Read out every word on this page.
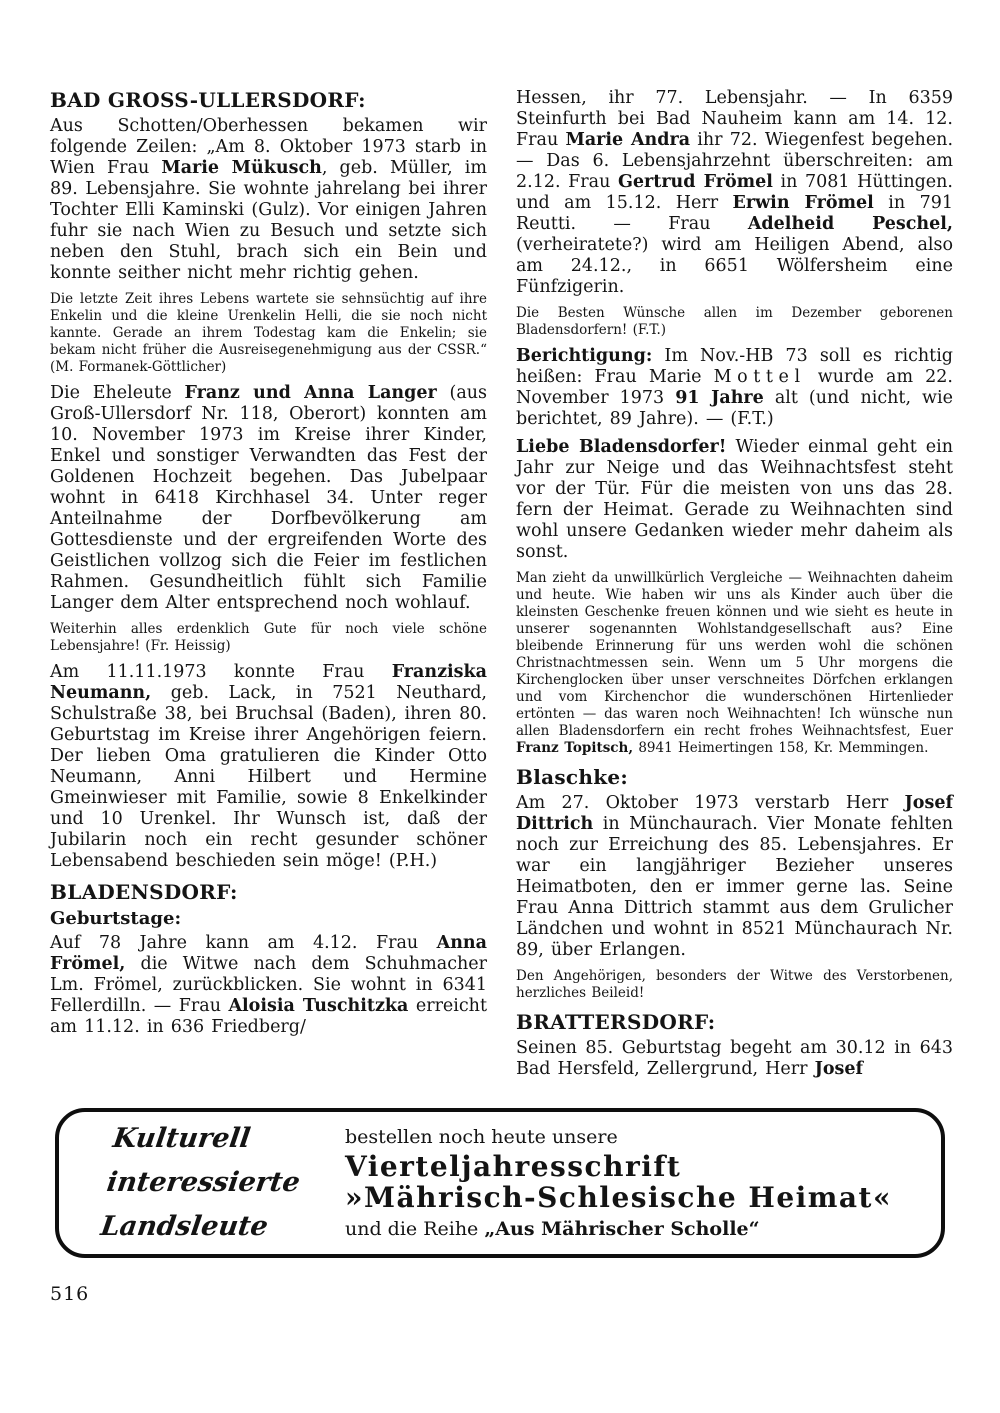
BAD GROSS-ULLERSDORF:

Aus Schotten/Oberhessen bekamen wir folgende Zeilen: „Am 8. Oktober 1973 starb in Wien Frau Marie Mükusch, geb. Müller, im 89. Lebensjahre. Sie wohnte jahrelang bei ihrer Tochter Elli Kaminski (Gulz). Vor einigen Jahren fuhr sie nach Wien zu Besuch und setzte sich neben den Stuhl, brach sich ein Bein und konnte seither nicht mehr richtig gehen.

Die letzte Zeit ihres Lebens wartete sie sehnsüchtig auf ihre Enkelin und die kleine Urenkelin Helli, die sie noch nicht kannte. Gerade an ihrem Todestag kam die Enkelin; sie bekam nicht früher die Ausreisegenehmigung aus der CSSR.“ (M. Formanek-Göttlicher)

Die Eheleute Franz und Anna Langer (aus Groß-Ullersdorf Nr. 118, Oberort) konnten am 10. November 1973 im Kreise ihrer Kinder, Enkel und sonstiger Verwandten das Fest der Goldenen Hochzeit begehen. Das Jubelpaar wohnt in 6418 Kirchhasel 34. Unter reger Anteilnahme der Dorfbevölkerung am Gottesdienste und der ergreifenden Worte des Geistlichen vollzog sich die Feier im festlichen Rahmen. Gesundheitlich fühlt sich Familie Langer dem Alter entsprechend noch wohlauf.

Weiterhin alles erdenklich Gute für noch viele schöne Lebensjahre! (Fr. Heissig)

Am 11.11.1973 konnte Frau Franziska Neumann, geb. Lack, in 7521 Neuthard, Schulstraße 38, bei Bruchsal (Baden), ihren 80. Geburtstag im Kreise ihrer Angehörigen feiern. Der lieben Oma gratulieren die Kinder Otto Neumann, Anni Hilbert und Hermine Gmeinwieser mit Familie, sowie 8 Enkelkinder und 10 Urenkel. Ihr Wunsch ist, daß der Jubilarin noch ein recht gesunder schöner Lebensabend beschieden sein möge! (P.H.)

BLADENSDORF:
Geburtstage:

Auf 78 Jahre kann am 4.12. Frau Anna Frömel, die Witwe nach dem Schuhmacher Lm. Frömel, zurückblicken. Sie wohnt in 6341 Fellerdilln. — Frau Aloisia Tuschitzka erreicht am 11.12. in 636 Friedberg/

Hessen, ihr 77. Lebensjahr. — In 6359 Steinfurth bei Bad Nauheim kann am 14. 12. Frau Marie Andra ihr 72. Wiegenfest begehen. — Das 6. Lebensjahrzehnt überschreiten: am 2.12. Frau Gertrud Frömel in 7081 Hüttingen. und am 15.12. Herr Erwin Frömel in 791 Reutti. — Frau Adelheid Peschel, (verheiratete?) wird am Heiligen Abend, also am 24.12., in 6651 Wölfersheim eine Fünfzigerin.

Die Besten Wünsche allen im Dezember geborenen Bladensdorfern! (F.T.)

Berichtigung: Im Nov.-HB 73 soll es richtig heißen: Frau Marie Mottel wurde am 22. November 1973 91 Jahre alt (und nicht, wie berichtet, 89 Jahre). — (F.T.)

Liebe Bladensdorfer! Wieder einmal geht ein Jahr zur Neige und das Weihnachtsfest steht vor der Tür. Für die meisten von uns das 28. fern der Heimat. Gerade zu Weihnachten sind wohl unsere Gedanken wieder mehr daheim als sonst.

Man zieht da unwillkürlich Vergleiche — Weihnachten daheim und heute. Wie haben wir uns als Kinder auch über die kleinsten Geschenke freuen können und wie sieht es heute in unserer sogenannten Wohlstandgesellschaft aus? Eine bleibende Erinnerung für uns werden wohl die schönen Christnachtmessen sein. Wenn um 5 Uhr morgens die Kirchenglocken über unser verschneites Dörfchen erklangen und vom Kirchenchor die wunderschönen Hirtenlieder ertönten — das waren noch Weihnachten! Ich wünsche nun allen Bladensdorfern ein recht frohes Weihnachtsfest, Euer Franz Topitsch, 8941 Heimertingen 158, Kr. Memmingen.

Blaschke:

Am 27. Oktober 1973 verstarb Herr Josef Dittrich in Münchaurach. Vier Monate fehlten noch zur Erreichung des 85. Lebensjahres. Er war ein langjähriger Bezieher unseres Heimatboten, den er immer gerne las. Seine Frau Anna Dittrich stammt aus dem Grulicher Ländchen und wohnt in 8521 Münchaurach Nr. 89, über Erlangen.

Den Angehörigen, besonders der Witwe des Verstorbenen, herzliches Beileid!

BRATTERSDORF:

Seinen 85. Geburtstag begeht am 30.12 in 643 Bad Hersfeld, Zellergrund, Herr Josef

Kulturell
interessierte
Landsleute
bestellen noch heute unsere
Vierteljahresschrift
»Mährisch-Schlesische Heimat«
und die Reihe „Aus Mährischer Scholle“
516
